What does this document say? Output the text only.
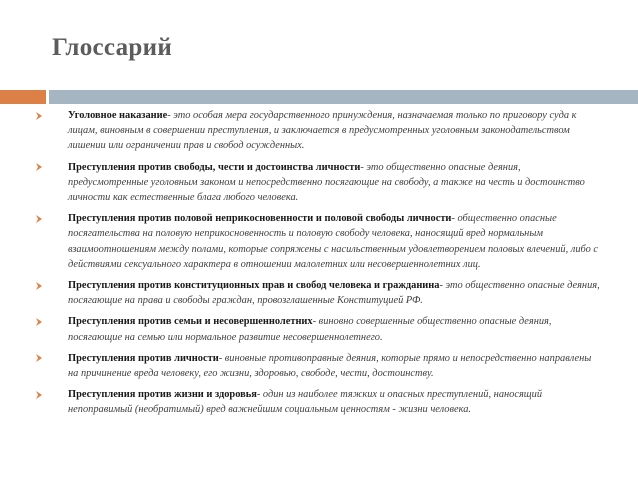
Глоссарий
Уголовное наказание- это особая мера государственного принуждения, назначаемая только по приговору суда к лицам, виновным в совершении преступления, и заключается в предусмотренных уголовным законодательством лишении или ограничении прав и свобод осужденных.
Преступления против свободы, чести и достоинства личности- это общественно опасные деяния, предусмотренные уголовным законом и непосредственно посягающие на свободу, а также на честь и достоинство личности как естественные блага любого человека.
Преступления против половой неприкосновенности и половой свободы личности- общественно опасные посягательства на половую неприкосновенность и половую свободу человека, наносящий вред нормальным взаимоотношениям между полами, которые сопряжены с насильственным удовлетворением половых влечений, либо с действиями сексуального характера в отношении малолетних или несовершеннолетних лиц.
Преступления против конституционных прав и свобод человека и гражданина- это общественно опасные деяния, посягающие на права и свободы граждан, провозглашенные Конституцией РФ.
Преступления против семьи и несовершеннолетних- виновно совершенные общественно опасные деяния, посягающие на семью или нормальное развитие несовершеннолетнего.
Преступления против личности- виновные противоправные деяния, которые прямо и непосредственно направлены на причинение вреда человеку, его жизни, здоровью, свободе, чести, достоинству.
Преступления против жизни и здоровья- один из наиболее тяжких и опасных преступлений, наносящий непоправимый (необратимый) вред важнейшим социальным ценностям - жизни человека.
